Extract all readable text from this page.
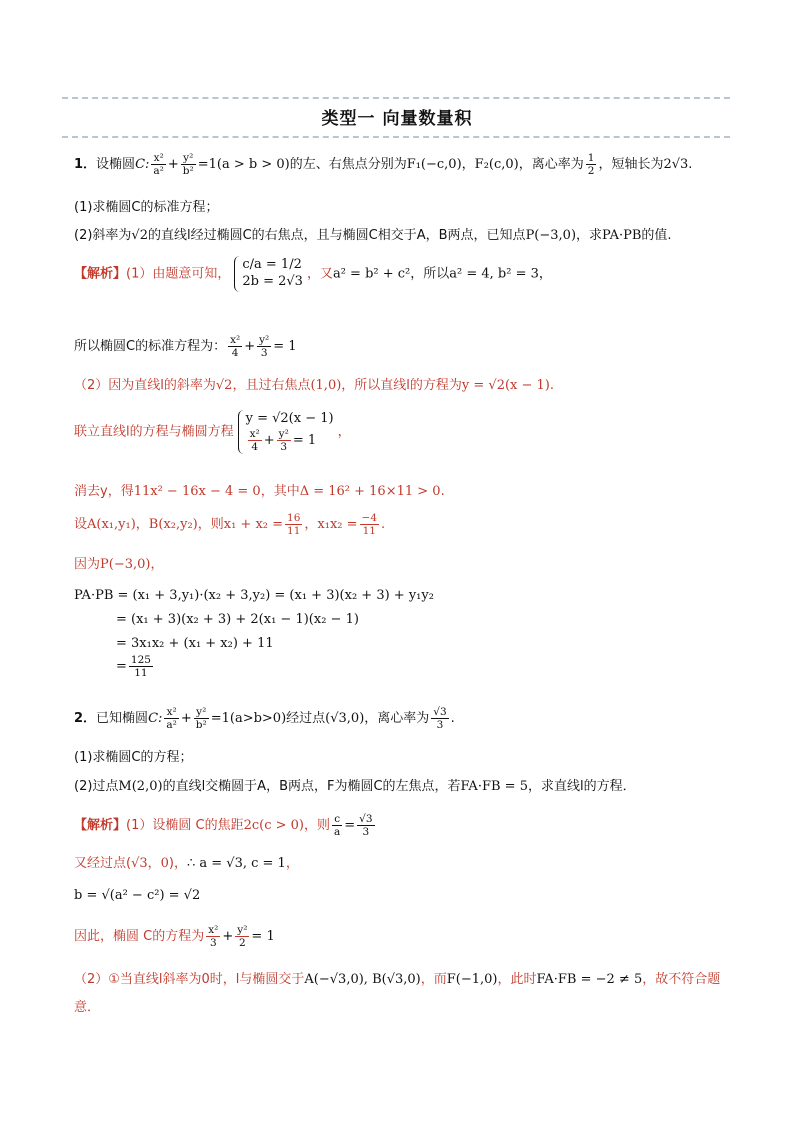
类型一 向量数量积
1．设椭圆C: $\frac{\text{x²}}{\text{a²}} + \frac{\text{y²}}{\text{b²}} =1(a > b > 0)$的左、右焦点分别为F₁(−c,0)，F₂(c,0)，离心率为 $\frac{1}{2}$ ，短轴长为2√3.
(1)求椭圆C的标准方程；
(2)斜率为√2的直线l经过椭圆C的右焦点，且与椭圆C相交于A，B两点，已知点P(−3,0)，求PA·PB的值.
【解析】(1）由题意可知，
c/a = 1/2
2b = 2√3 ，又a² = b² + c²，所以a² = 4, b² = 3，
所以椭圆C的标准方程为： $\frac{\text{x²}}{4} + \frac{\text{y²}}{3} = 1$
（2）因为直线l的斜率为√2，且过右焦点(1,0)，所以直线l的方程为y = √2(x − 1).
联立直线l的方程与椭圆方程
y = √2(x − 1)
$\frac{\text{x²}}{4} + \frac{\text{y²}}{3} = 1$
，
消去y，得11x² − 16x − 4 = 0，其中Δ = 16² + 16×11 > 0.
设A(x₁,y₁)，B(x₂,y₂)，则$x_1 + x_2 = \frac{16}{11}$ ，$x_1x_2 = \frac{-4}{11}$ .
因为P(−3,0)，
PA·PB = (x₁ + 3,y₁)·(x₂ + 3,y₂) = (x₁ + 3)(x₂ + 3) + y₁y₂
= (x₁ + 3)(x₂ + 3) + 2(x₁ − 1)(x₂ − 1)
= 3x₁x₂ + (x₁ + x₂) + 11
= $\frac{125}{11}$
2．已知椭圆C: $\frac{\text{x²}}{\text{a²}} + \frac{\text{y²}}{\text{b²}} =1(a>b>0)$经过点(√3,0)，离心率为 $\frac{√3}{3}$ .
(1)求椭圆C的方程；
(2)过点M(2,0)的直线l交椭圆于A，B两点，F为椭圆C的左焦点，若FA·FB = 5，求直线l的方程．
【解析】(1）设椭圆 C的焦距2c(c > 0)，则 $\frac{c}{a} = \frac{√3}{3}$
又经过点(√3，0)，∴ a = √3, c = 1，
b = √(a² − c²) = √2
因此，椭圆 C的方程为 $\frac{\text{x²}}{3} + \frac{\text{y²}}{2} = 1$
（2）①当直线l斜率为0时，l与椭圆交于A(−√3,0), B(√3,0)，而F(−1,0)，此时FA·FB = −2 ≠ 5，故不符合题
意．
